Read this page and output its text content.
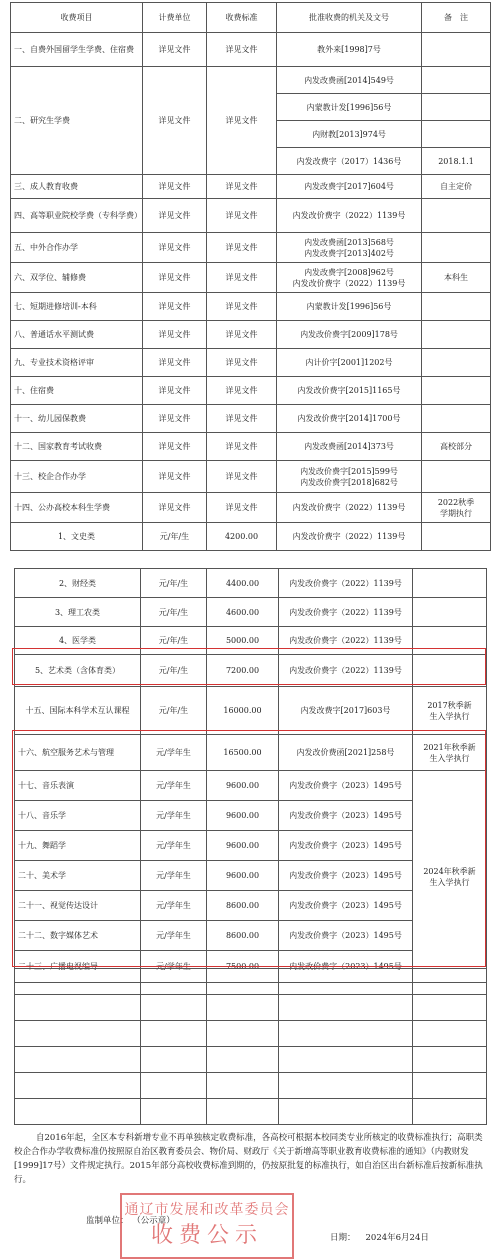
收费项目	计费单位	收费标准	批准收费的机关及文号	备　注
一、自费外国留学生学费、住宿费	详见文件	详见文件	教外来[1998]7号	
二、研究生学费	详见文件	详见文件	内发改费函[2014]549号	
			内蒙教计发[1996]56号	
			内财教[2013]974号	
			内发改费字（2017）1436号	2018.1.1
三、成人教育收费	详见文件	详见文件	内发改费字[2017]604号	自主定价
四、高等职业院校学费（专科学费）	详见文件	详见文件	内发改价费字（2022）1139号	
五、中外合作办学	详见文件	详见文件	内发改费函[2013]568号
内发改费字[2013]402号	
六、双学位、辅修费	详见文件	详见文件	内发改费字[2008]962号
内发改价费字（2022）1139号	本科生
七、短期进修培训-本科	详见文件	详见文件	内蒙教计发[1996]56号	
八、普通话水平测试费	详见文件	详见文件	内发改价费字[2009]178号	
九、专业技术资格评审	详见文件	详见文件	内计价字[2001]1202号	
十、住宿费	详见文件	详见文件	内发改价费字[2015]1165号	
十一、幼儿园保教费	详见文件	详见文件	内发改价费字[2014]1700号	
十二、国家教育考试收费	详见文件	详见文件	内发改费函[2014]373号	高校部分
十三、校企合作办学	详见文件	详见文件	内发改价费字[2015]599号
内发改价费字[2018]682号	
十四、公办高校本科生学费	详见文件	详见文件	内发改价费字（2022）1139号	2022秋季
学期执行
1、文史类	元/年/生	4200.00	内发改价费字（2022）1139号	
2、财经类	元/年/生	4400.00	内发改价费字（2022）1139号	
3、理工农类	元/年/生	4600.00	内发改价费字（2022）1139号	
4、医学类	元/年/生	5000.00	内发改价费字（2022）1139号	
5、艺术类（含体育类）	元/年/生	7200.00	内发改价费字（2022）1139号	
十五、国际本科学术互认课程	元/年/生	16000.00	内发改费字[2017]603号	2017秋季新
生入学执行
十六、航空服务艺术与管理	元/学年生	16500.00	内发改价费函[2021]258号	2021年秋季新
生入学执行
十七、音乐表演	元/学年生	9600.00	内发改价费字（2023）1495号	2024年秋季新
生入学执行
十八、音乐学	元/学年生	9600.00	内发改价费字（2023）1495号	
十九、舞蹈学	元/学年生	9600.00	内发改价费字（2023）1495号	
二十、美术学	元/学年生	9600.00	内发改价费字（2023）1495号	
二十一、视觉传达设计	元/学年生	8600.00	内发改价费字（2023）1495号	
二十二、数字媒体艺术	元/学年生	8600.00	内发改价费字（2023）1495号	
二十三、广播电视编导	元/学年生	7500.00	内发改价费字（2023）1495号	

自2016年起，全区本专科新增专业不再单独核定收费标准，各高校可根据本校同类专业所核定的收费标准执行；高职类校企合作办学收费标准仍按照原自治区教育委员会、物价局、财政厅《关于新增高等职业教育收费标准的通知》（内教财发[1999]17号）文件规定执行。2015年部分高校收费标准到期的，仍按原批复的标准执行，如自治区出台新标准后按新标准执行。
监制单位： （公示章）
通辽市发展和改革委员会
收费公示	日期： 2024年6月24日
